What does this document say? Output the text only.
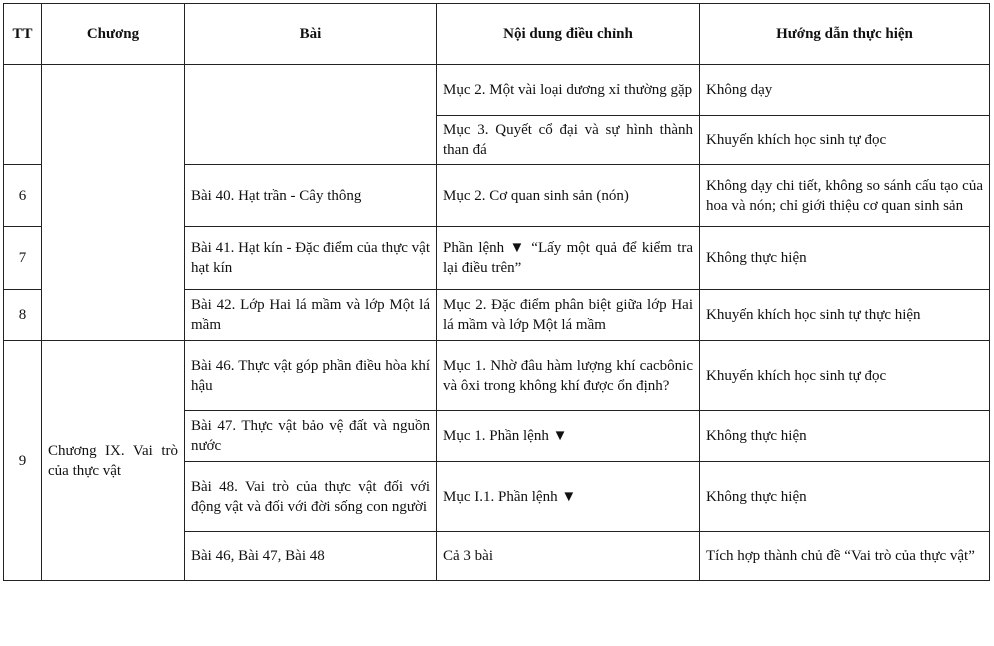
TT	Chương	Bài	Nội dung điều chỉnh	Hướng dẫn thực hiện
			Mục 2. Một vài loại dương xỉ thường gặp	Không dạy
			Mục 3. Quyết cổ đại và sự hình thành than đá	Khuyến khích học sinh tự đọc
6		Bài 40. Hạt trần - Cây thông	Mục 2. Cơ quan sinh sản (nón)	Không dạy chi tiết, không so sánh cấu tạo của hoa và nón; chỉ giới thiệu cơ quan sinh sản
7		Bài 41. Hạt kín - Đặc điểm của thực vật hạt kín	Phần lệnh ▼ “Lấy một quả để kiểm tra lại điều trên”	Không thực hiện
8		Bài 42. Lớp Hai lá mầm và lớp Một lá mầm	Mục 2. Đặc điểm phân biệt giữa lớp Hai lá mầm và lớp Một lá mầm	Khuyến khích học sinh tự thực hiện
9	Chương IX. Vai trò của thực vật	Bài 46. Thực vật góp phần điều hòa khí hậu	Mục 1. Nhờ đâu hàm lượng khí cacbônic và ôxi trong không khí được ổn định?	Khuyến khích học sinh tự đọc
		Bài 47. Thực vật bảo vệ đất và nguồn nước	Mục 1. Phần lệnh ▼	Không thực hiện
		Bài 48. Vai trò của thực vật đối với động vật và đối với đời sống con người	Mục I.1. Phần lệnh ▼	Không thực hiện
		Bài 46, Bài 47, Bài 48	Cả 3 bài	Tích hợp thành chủ đề “Vai trò của thực vật”
